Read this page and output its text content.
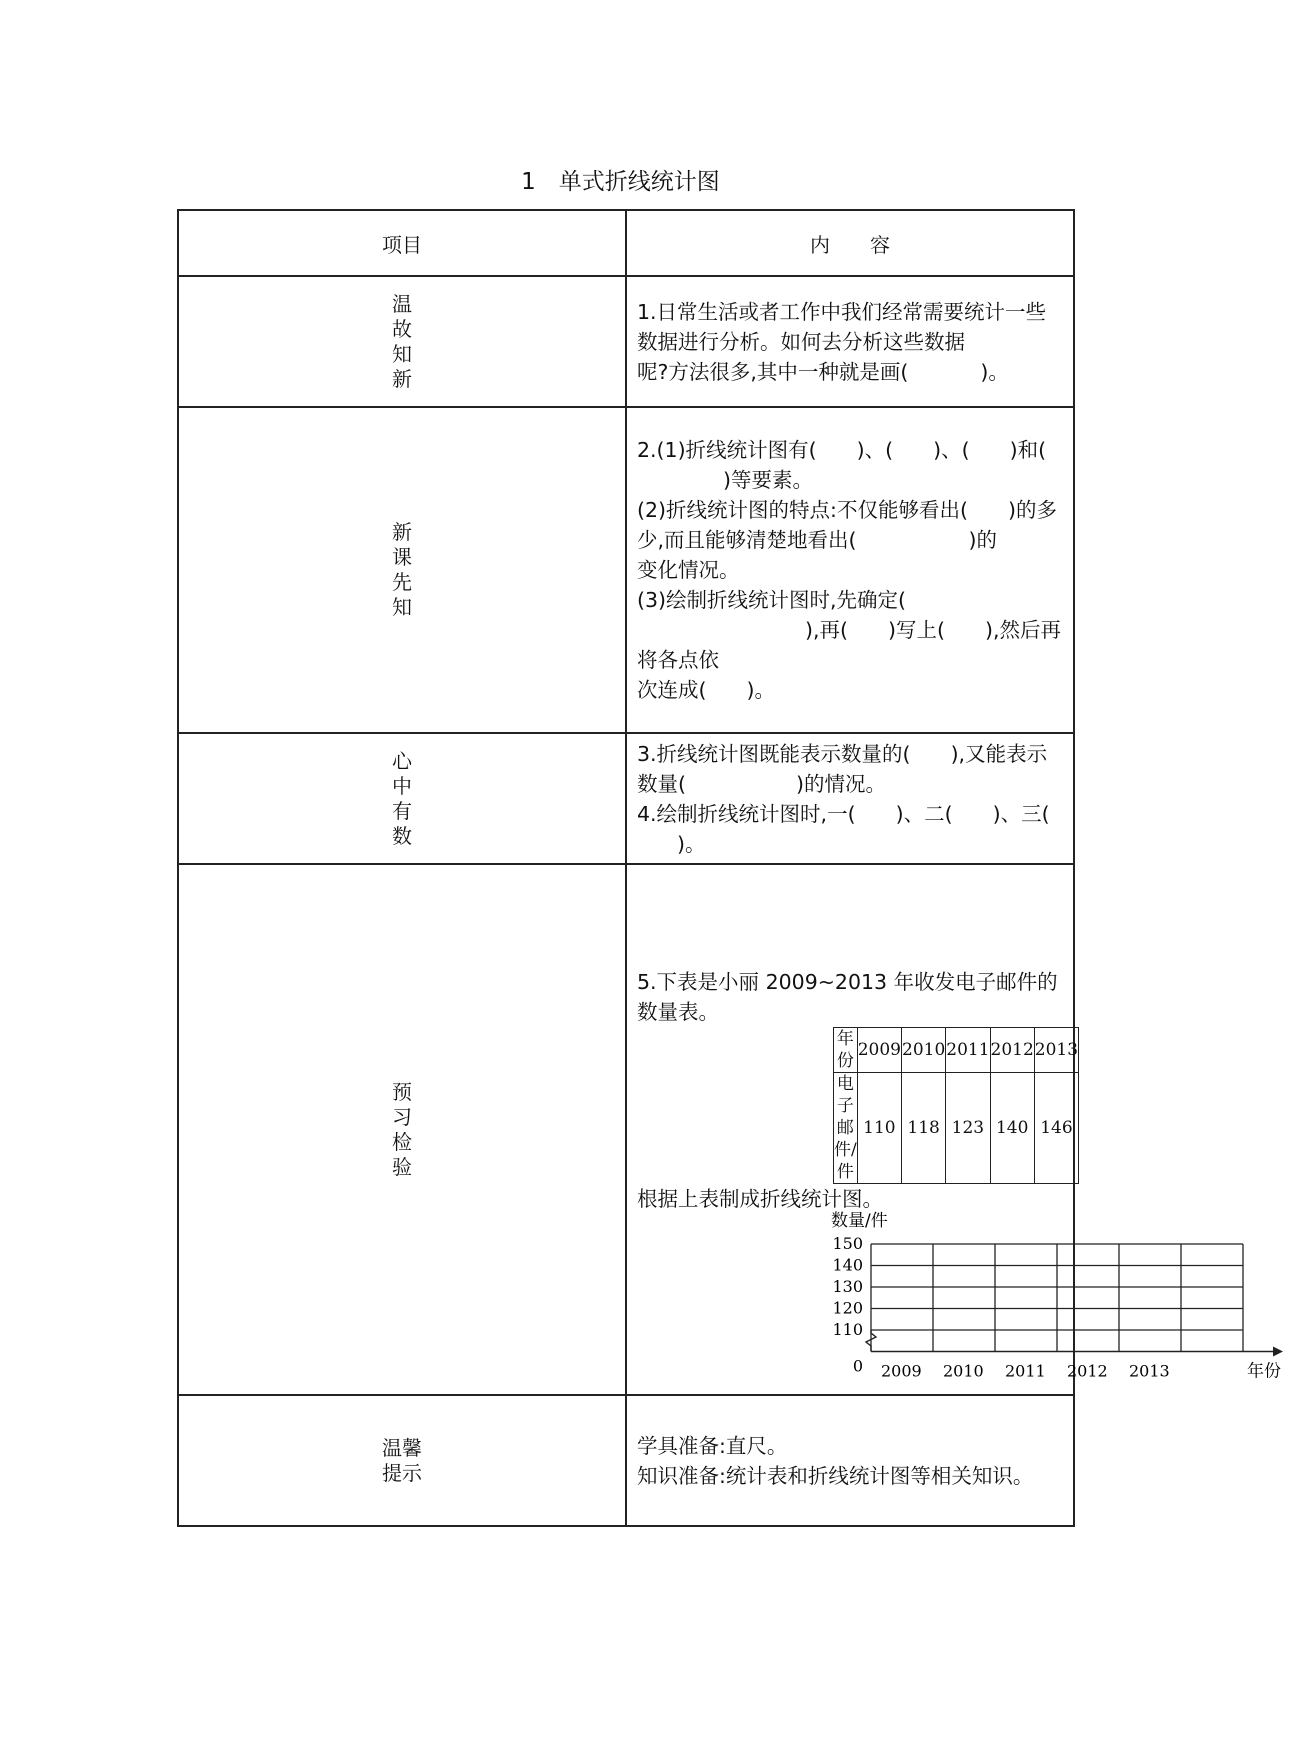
1　单式折线统计图
项目	内　　容
温故知新	
1.日常生活或者工作中我们经常需要统计一些数据进行分析。如何去分析这些数据
呢?方法很多,其中一种就是画(	)。

新课先知	
2.(1)折线统计图有( )、( )、( )和()等要素。
(2)折线统计图的特点:不仅能够看出( )的多少,而且能够清楚地看出(	)的
变化情况。
(3)绘制折线统计图时,先确定(),再( )写上( ),然后再将各点依
次连成( )。

心中有数	
3.折线统计图既能表示数量的( ),又能表示数量(	)的情况。
4.绘制折线统计图时,一( )、二( )、三()。

预习检验	
5.下表是小丽 2009~2013 年收发电子邮件的数量表。
年份	2009	2010	2011	2012	2013
电子邮件/件	110	118	123	140	146
根据上表制成折线统计图。
数量/件
150
140
130
120
110
0 2009 2010 2011 2012 2013	年份

温馨提示	
学具准备:直尺。
知识准备:统计表和折线统计图等相关知识。
